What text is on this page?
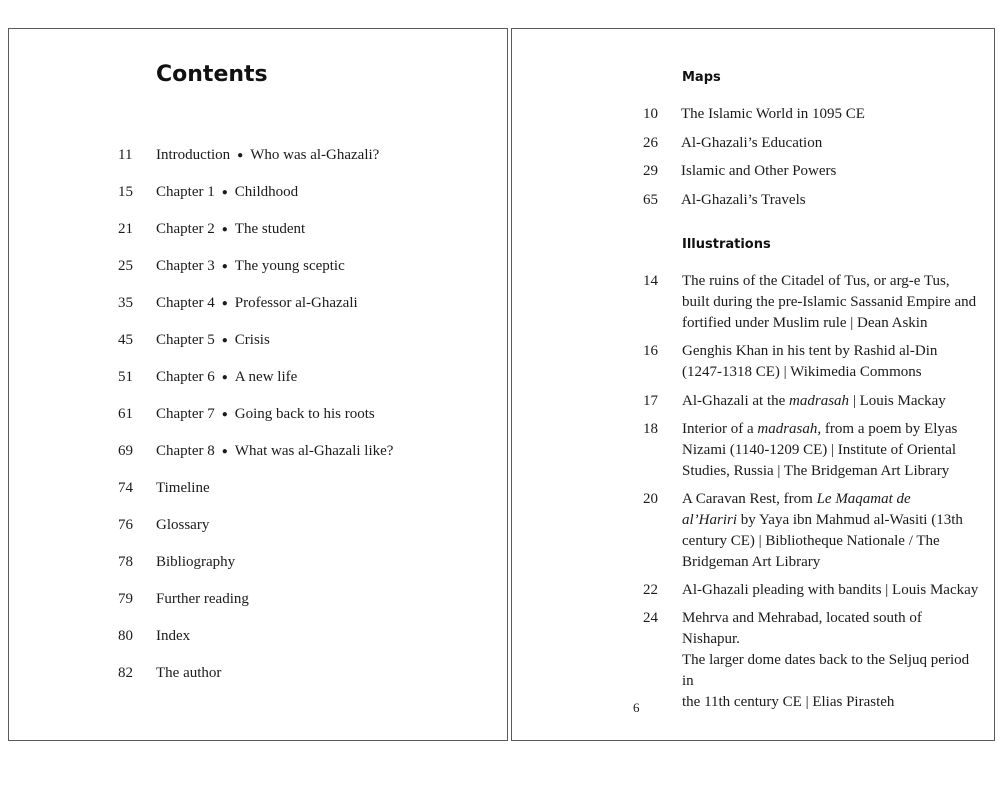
Contents
11 Introduction ● Who was al-Ghazali?
15 Chapter 1 ● Childhood
21 Chapter 2 ● The student
25 Chapter 3 ● The young sceptic
35 Chapter 4 ● Professor al-Ghazali
45 Chapter 5 ● Crisis
51 Chapter 6 ● A new life
61 Chapter 7 ● Going back to his roots
69 Chapter 8 ● What was al-Ghazali like?
74 Timeline
76 Glossary
78 Bibliography
79 Further reading
80 Index
82 The author
Maps
10 The Islamic World in 1095 CE
26 Al-Ghazali’s Education
29 Islamic and Other Powers
65 Al-Ghazali’s Travels
Illustrations
14 The ruins of the Citadel of Tus, or arg-e Tus,
built during the pre-Islamic Sassanid Empire and
fortified under Muslim rule | Dean Askin
16 Genghis Khan in his tent by Rashid al-Din
(1247-1318 CE) | Wikimedia Commons
17 Al-Ghazali at the madrasah | Louis Mackay
18 Interior of a madrasah, from a poem by Elyas
Nizami (1140-1209 CE) | Institute of Oriental
Studies, Russia | The Bridgeman Art Library
20 A Caravan Rest, from Le Maqamat de
al’Hariri by Yaya ibn Mahmud al-Wasiti (13th
century CE) | Bibliotheque Nationale / The
Bridgeman Art Library
22 Al-Ghazali pleading with bandits | Louis Mackay
24 Mehrva and Mehrabad, located south of Nishapur.
The larger dome dates back to the Seljuq period in
the 11th century CE | Elias Pirasteh
6
